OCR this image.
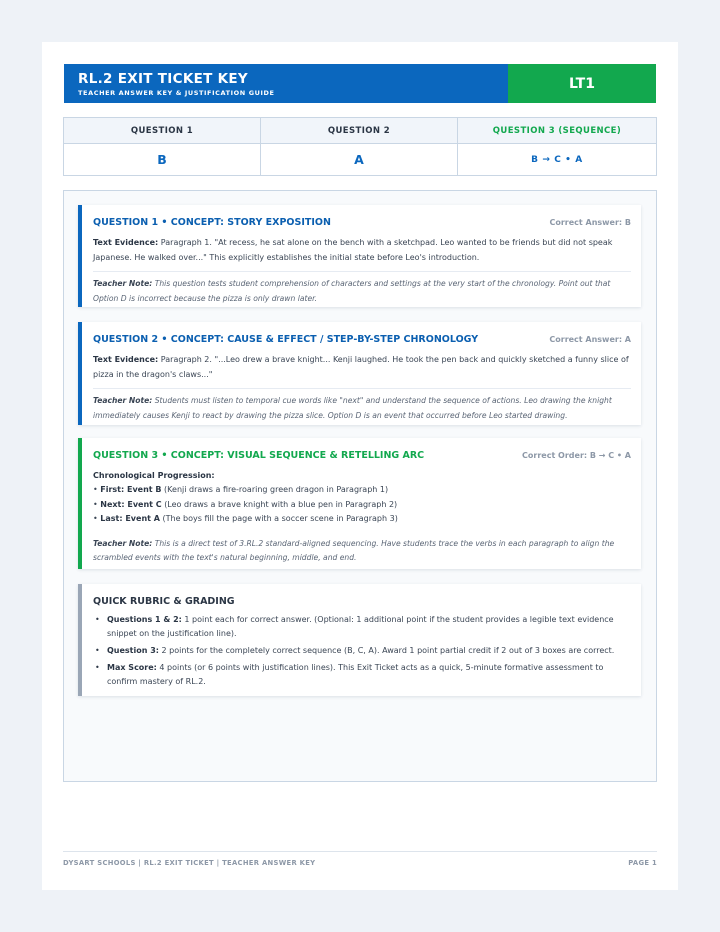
RL.2 EXIT TICKET KEY
TEACHER ANSWER KEY & JUSTIFICATION GUIDE
LT1
QUESTION 1	QUESTION 2	QUESTION 3 (SEQUENCE)
B	A	B → C • A
QUESTION 1 • CONCEPT: STORY EXPOSITION	Correct Answer: B
Text Evidence: Paragraph 1. "At recess, he sat alone on the bench with a sketchpad. Leo wanted to be friends but did not speak Japanese. He walked over..." This explicitly establishes the initial state before Leo's introduction.
Teacher Note: This question tests student comprehension of characters and settings at the very start of the chronology. Point out that Option D is incorrect because the pizza is only drawn later.
QUESTION 2 • CONCEPT: CAUSE & EFFECT / STEP-BY-STEP CHRONOLOGY	Correct Answer: A
Text Evidence: Paragraph 2. "...Leo drew a brave knight... Kenji laughed. He took the pen back and quickly sketched a funny slice of pizza in the dragon's claws..."
Teacher Note: Students must listen to temporal cue words like "next" and understand the sequence of actions. Leo drawing the knight immediately causes Kenji to react by drawing the pizza slice. Option D is an event that occurred before Leo started drawing.
QUESTION 3 • CONCEPT: VISUAL SEQUENCE & RETELLING ARC	Correct Order: B → C • A
Chronological Progression:
• First: Event B (Kenji draws a fire-roaring green dragon in Paragraph 1)
• Next: Event C (Leo draws a brave knight with a blue pen in Paragraph 2)
• Last: Event A (The boys fill the page with a soccer scene in Paragraph 3)
Teacher Note: This is a direct test of 3.RL.2 standard-aligned sequencing. Have students trace the verbs in each paragraph to align the scrambled events with the text's natural beginning, middle, and end.
QUICK RUBRIC & GRADING
• Questions 1 & 2: 1 point each for correct answer. (Optional: 1 additional point if the student provides a legible text evidence snippet on the justification line).
• Question 3: 2 points for the completely correct sequence (B, C, A). Award 1 point partial credit if 2 out of 3 boxes are correct.
• Max Score: 4 points (or 6 points with justification lines). This Exit Ticket acts as a quick, 5-minute formative assessment to confirm mastery of RL.2.
DYSART SCHOOLS | RL.2 EXIT TICKET | TEACHER ANSWER KEY	PAGE 1
